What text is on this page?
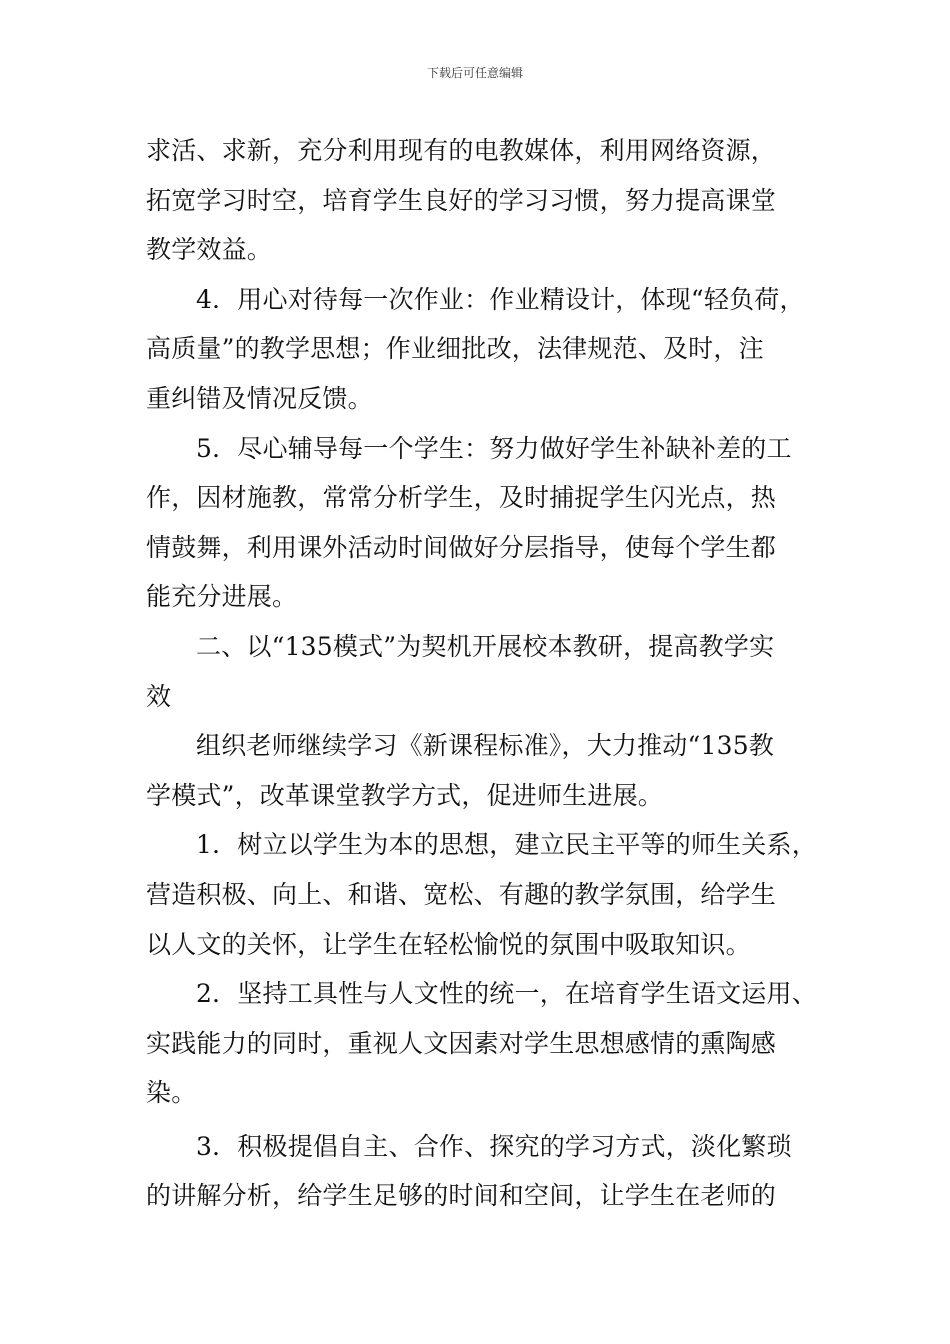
下载后可任意编辑
求活、求新，充分利用现有的电教媒体，利用网络资源，
拓宽学习时空，培育学生良好的学习习惯，努力提高课堂
教学效益。
4．用心对待每一次作业：作业精设计，体现“轻负荷，
高质量”的教学思想；作业细批改，法律规范、及时，注
重纠错及情况反馈。
5．尽心辅导每一个学生：努力做好学生补缺补差的工
作，因材施教，常常分析学生，及时捕捉学生闪光点，热
情鼓舞，利用课外活动时间做好分层指导，使每个学生都
能充分进展。
二、以“135模式”为契机开展校本教研，提高教学实
效
组织老师继续学习《新课程标准》，大力推动“135教
学模式”，改革课堂教学方式，促进师生进展。
1．树立以学生为本的思想，建立民主平等的师生关系，
营造积极、向上、和谐、宽松、有趣的教学氛围，给学生
以人文的关怀，让学生在轻松愉悦的氛围中吸取知识。
2．坚持工具性与人文性的统一，在培育学生语文运用、
实践能力的同时，重视人文因素对学生思想感情的熏陶感
染。
3．积极提倡自主、合作、探究的学习方式，淡化繁琐
的讲解分析，给学生足够的时间和空间，让学生在老师的
